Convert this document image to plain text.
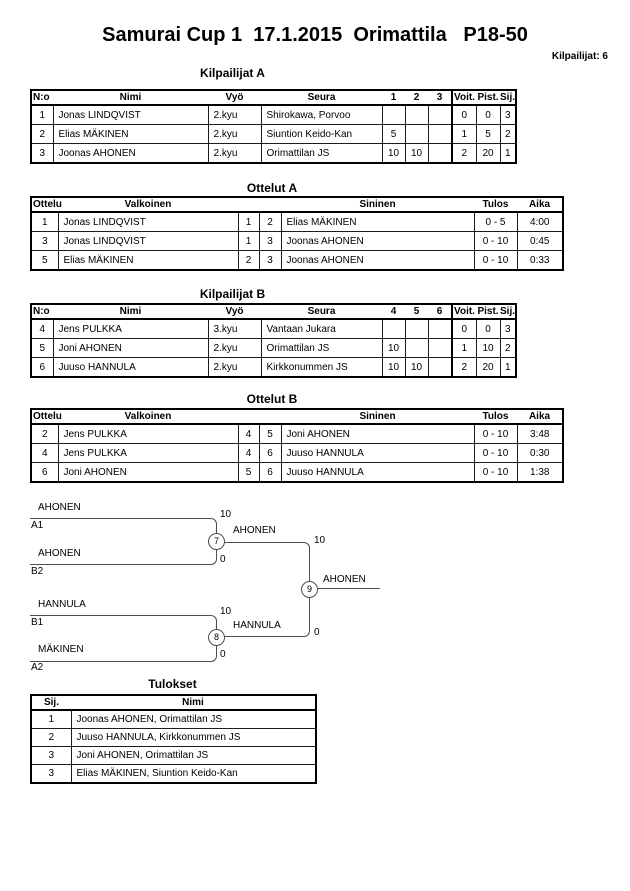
Samurai Cup 1  17.1.2015  Orimattila   P18-50
Kilpailijat: 6
Kilpailijat A
N:o	Nimi	Vyö	Seura	1	2	3	Voit.	Pist.	Sij.
1	Jonas LINDQVIST	2.kyu	Shirokawa, Porvoo				0	0	3
2	Elias MÄKINEN	2.kyu	Siuntion Keido-Kan	5			1	5	2
3	Joonas AHONEN	2.kyu	Orimattilan JS	10	10		2	20	1
Ottelut A
Ottelu	Valkoinen			Sininen	Tulos	Aika
1	Jonas LINDQVIST	1	2	Elias MÄKINEN	0 - 5	4:00
3	Jonas LINDQVIST	1	3	Joonas AHONEN	0 - 10	0:45
5	Elias MÄKINEN	2	3	Joonas AHONEN	0 - 10	0:33
Kilpailijat B
N:o	Nimi	Vyö	Seura	4	5	6	Voit.	Pist.	Sij.
4	Jens PULKKA	3.kyu	Vantaan Jukara				0	0	3
5	Joni AHONEN	2.kyu	Orimattilan JS	10			1	10	2
6	Juuso HANNULA	2.kyu	Kirkkonummen JS	10	10		2	20	1
Ottelut B
Ottelu	Valkoinen			Sininen	Tulos	Aika
2	Jens PULKKA	4	5	Joni AHONEN	0 - 10	3:48
4	Jens PULKKA	4	6	Juuso HANNULA	0 - 10	0:30
6	Joni AHONEN	5	6	Juuso HANNULA	0 - 10	1:38
AHONEN
A1
10
AHONEN
B2
0
HANNULA
B1
10
MÄKINEN
A2
0
AHONEN
10
HANNULA
0
AHONEN
7
8
9
Tulokset
Sij.	Nimi
1	Joonas AHONEN, Orimattilan JS
2	Juuso HANNULA, Kirkkonummen JS
3	Joni AHONEN, Orimattilan JS
3	Elias MÄKINEN, Siuntion Keido-Kan
